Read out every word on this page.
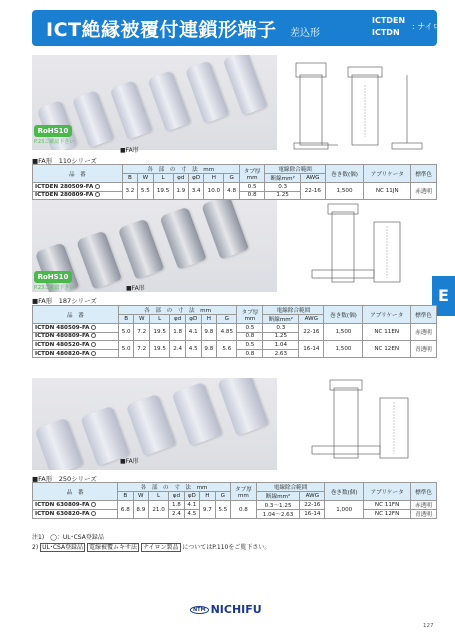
ICT絶縁被覆付連鎖形端子 差込形
ICTDEN
ICTDN
: ナイロン
E
RoHS10
P.23ご確認下さい
■FA形
■FA形　110シリーズ
品　番	各　部　の　寸　法　mm							タブ厚
mm	電線除合範囲		巻き数(個)	アプリケータ	標準色
	B	W	L	φd	φD	H	G		断線mm²	AWG			
ICTDEN 280509-FA	3.2	5.5	19.5	1.9	3.4	10.0	4.8	0.5	0.3	22-16	1,500	NC 11JN	赤透明
ICTDEN 280809-FA								0.8	1.25				
RoHS10
P.23ご確認下さい	■FA形
■FA形　187シリーズ
品　番	各　部　の　寸　法　mm							タブ厚
mm	電線除合範囲		巻き数(個)	アプリケータ	標準色
	B	W	L	φd	φD	H	G		断線mm²	AWG			
ICTDN 480509-FA	5.0	7.2	19.5	1.8	4.1	9.8	4.85	0.5	0.3	22-16	1,500	NC 11EN	赤透明
ICTDN 480809-FA								0.8	1.25				
ICTDN 480520-FA	5.0	7.2	19.5	2.4	4.5	9.8	5.6	0.5	1.04	16-14	1,500	NC 12EN	青透明
ICTDN 480820-FA								0.8	2.63				
■FA形
■FA形　250シリーズ
品　番	各　部　の　寸　法　mm							タブ厚
mm	電線除合範囲		巻き数(個)	アプリケータ	標準色
	B	W	L	φd	φD	H	G		断線mm²	AWG			
ICTDN 630809-FA	6.8	8.9	21.0	1.8	4.1	9.7	5.5	0.8	0.3〜1.25	22-16	1,000	NC 11FN	赤透明
ICTDN 630820-FA				2.4	4.5				1.04〜2.63	16-14		NC 12FN	青透明
注1)　◯：UL･CSA登録品
2) UL･CSA登録品 電線被覆ムキサ法 ナイロン製品 についてはP.110をご覧下さい。
NTM NICHIFU
127
